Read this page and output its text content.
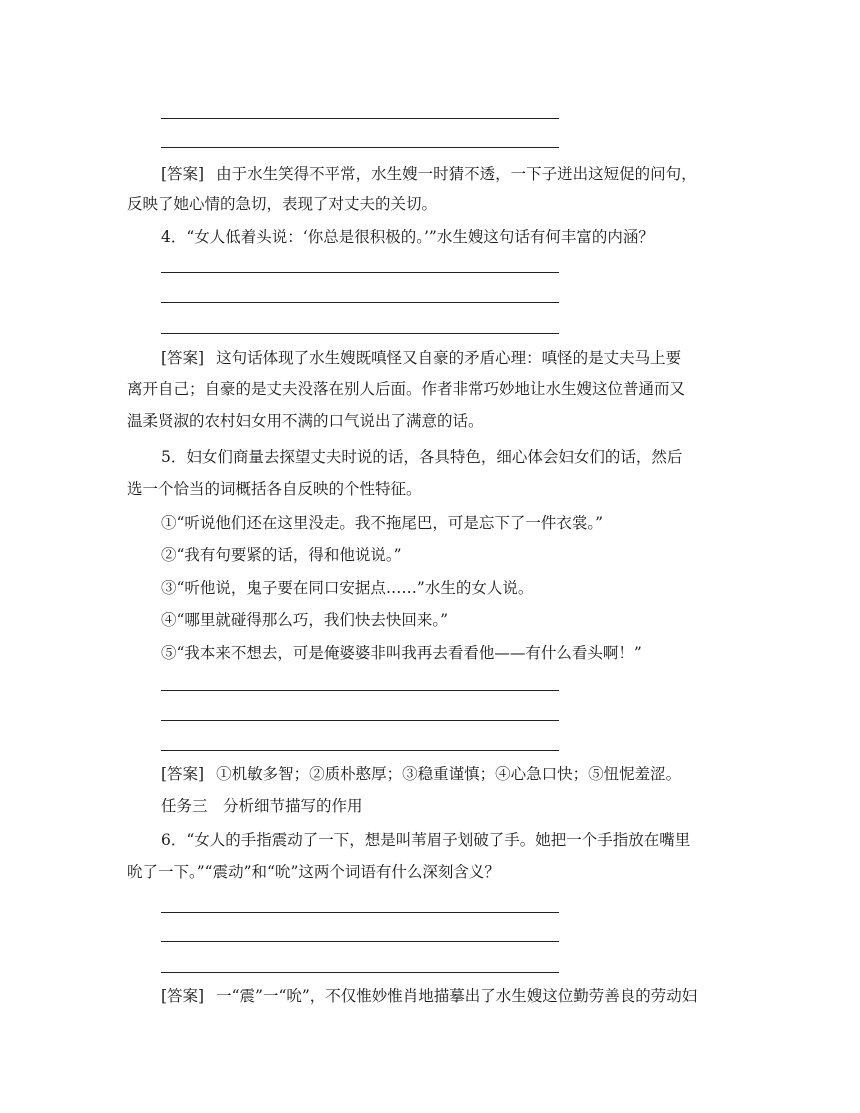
[答案] 由于水生笑得不平常，水生嫂一时猜不透，一下子迸出这短促的问句，
反映了她心情的急切，表现了对丈夫的关切。
4．“女人低着头说：‘你总是很积极的。’”水生嫂这句话有何丰富的内涵？
[答案] 这句话体现了水生嫂既嗔怪又自豪的矛盾心理：嗔怪的是丈夫马上要
离开自己；自豪的是丈夫没落在别人后面。作者非常巧妙地让水生嫂这位普通而又
温柔贤淑的农村妇女用不满的口气说出了满意的话。
5．妇女们商量去探望丈夫时说的话，各具特色，细心体会妇女们的话，然后
选一个恰当的词概括各自反映的个性特征。
①“听说他们还在这里没走。我不拖尾巴，可是忘下了一件衣裳。”
②“我有句要紧的话，得和他说说。”
③“听他说，鬼子要在同口安据点……”水生的女人说。
④“哪里就碰得那么巧，我们快去快回来。”
⑤“我本来不想去，可是俺婆婆非叫我再去看看他——有什么看头啊！”
[答案] ①机敏多智；②质朴憨厚；③稳重谨慎；④心急口快；⑤忸怩羞涩。
任务三　分析细节描写的作用
6．“女人的手指震动了一下，想是叫苇眉子划破了手。她把一个手指放在嘴里
吮了一下。”“震动”和“吮”这两个词语有什么深刻含义？
[答案] 一“震”一“吮”，不仅惟妙惟肖地描摹出了水生嫂这位勤劳善良的劳动妇
